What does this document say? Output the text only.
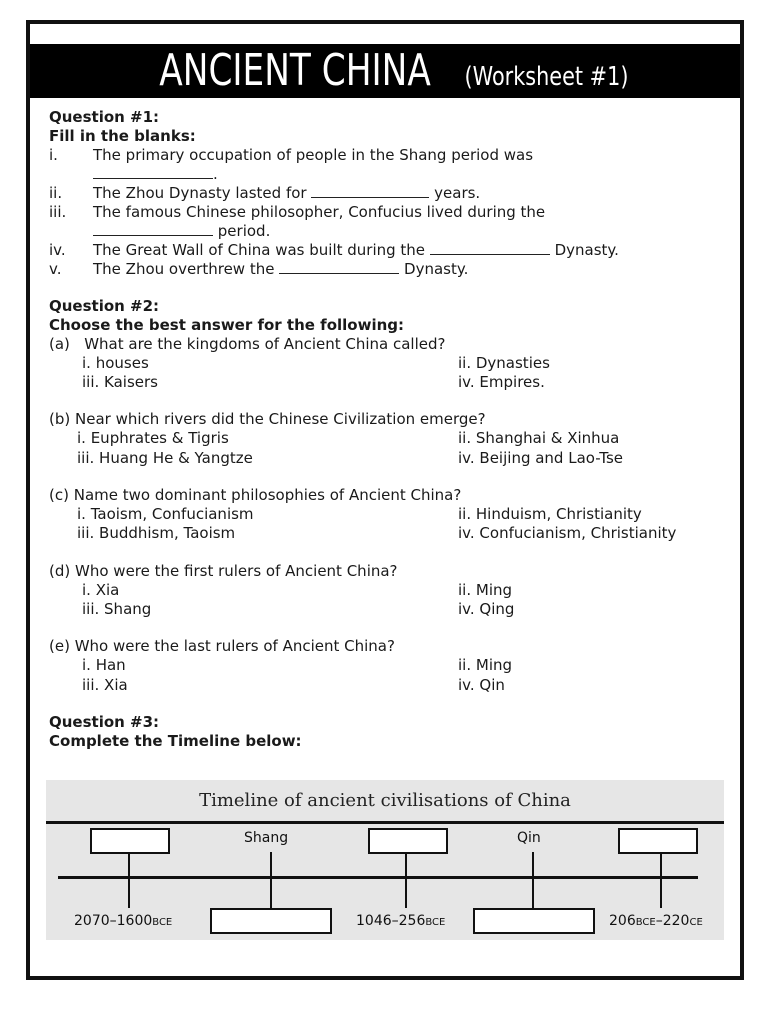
ANCIENT CHINA (Worksheet #1)
Question #1:
Fill in the blanks:
i. The primary occupation of people in the Shang period was
.
ii. The Zhou Dynasty lasted for	years.
iii. The famous Chinese philosopher, Confucius lived during the
period.
iv. The Great Wall of China was built during the	Dynasty.
v. The Zhou overthrew the	Dynasty.
Question #2:
Choose the best answer for the following:
(a) What are the kingdoms of Ancient China called?
i. houses	ii. Dynasties
iii. Kaisers	iv. Empires.
(b) Near which rivers did the Chinese Civilization emerge?
i. Euphrates & Tigris	ii. Shanghai & Xinhua
iii. Huang He & Yangtze	iv. Beijing and Lao-Tse
(c) Name two dominant philosophies of Ancient China?
i. Taoism, Confucianism	ii. Hinduism, Christianity
iii. Buddhism, Taoism	iv. Confucianism, Christianity
(d) Who were the first rulers of Ancient China?
i. Xia	ii. Ming
iii. Shang	iv. Qing
(e) Who were the last rulers of Ancient China?
i. Han	ii. Ming
iii. Xia	iv. Qin
Question #3:
Complete the Timeline below:
Timeline of ancient civilisations of China
Shang	Qin
2070–1600BCE	1046–256BCE	206BCE–220CE
